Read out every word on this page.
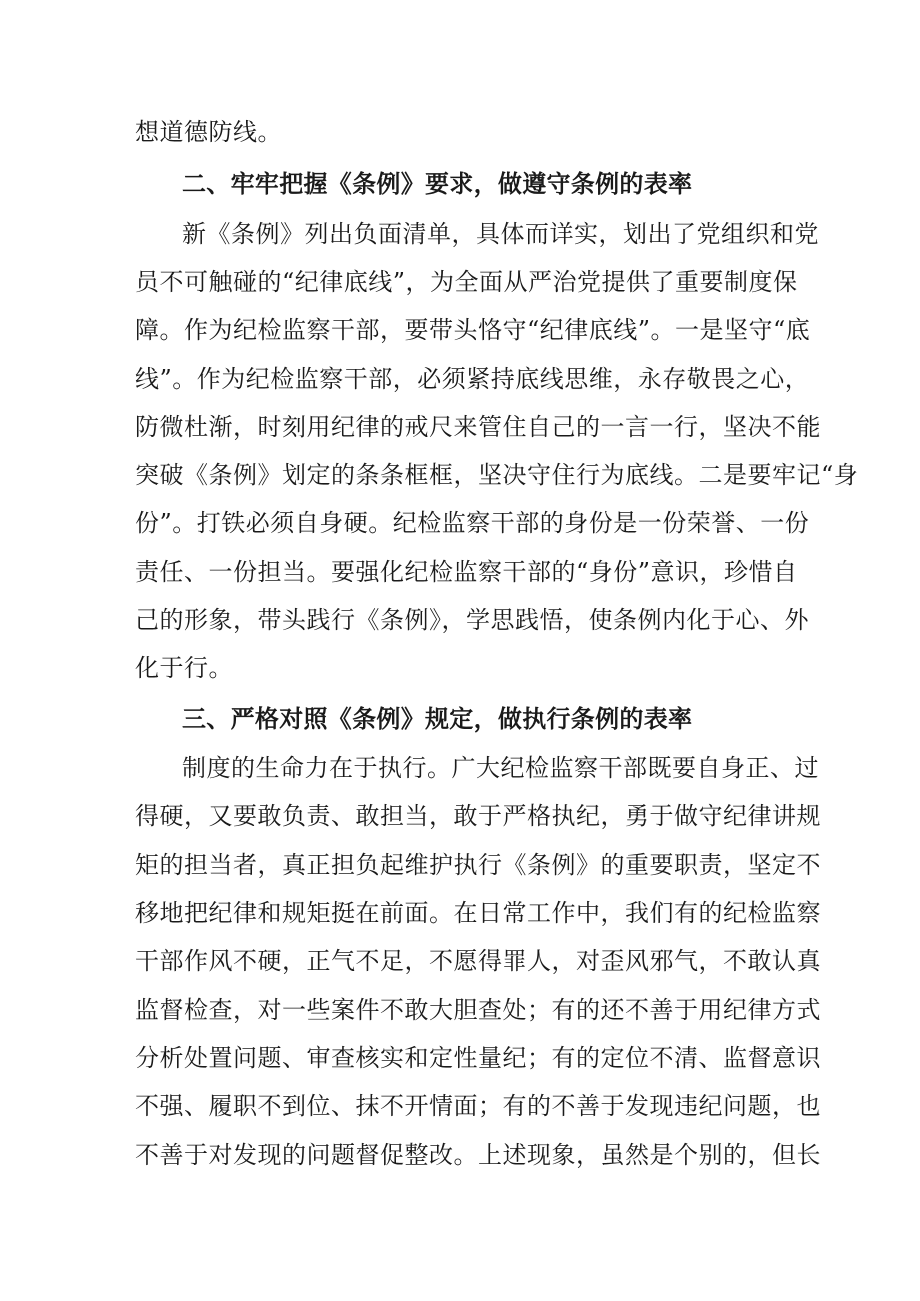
想道德防线。
二、牢牢把握《条例》要求，做遵守条例的表率
新《条例》列出负面清单，具体而详实，划出了党组织和党
员不可触碰的“纪律底线”，为全面从严治党提供了重要制度保
障。作为纪检监察干部，要带头恪守“纪律底线”。一是坚守“底
线”。作为纪检监察干部，必须紧持底线思维，永存敬畏之心，
防微杜渐，时刻用纪律的戒尺来管住自己的一言一行，坚决不能
突破《条例》划定的条条框框，坚决守住行为底线。二是要牢记“身
份”。打铁必须自身硬。纪检监察干部的身份是一份荣誉、一份
责任、一份担当。要强化纪检监察干部的“身份”意识，珍惜自
己的形象，带头践行《条例》，学思践悟，使条例内化于心、外
化于行。
三、严格对照《条例》规定，做执行条例的表率
制度的生命力在于执行。广大纪检监察干部既要自身正、过
得硬，又要敢负责、敢担当，敢于严格执纪，勇于做守纪律讲规
矩的担当者，真正担负起维护执行《条例》的重要职责，坚定不
移地把纪律和规矩挺在前面。在日常工作中，我们有的纪检监察
干部作风不硬，正气不足，不愿得罪人，对歪风邪气，不敢认真
监督检查，对一些案件不敢大胆查处；有的还不善于用纪律方式
分析处置问题、审查核实和定性量纪；有的定位不清、监督意识
不强、履职不到位、抹不开情面；有的不善于发现违纪问题，也
不善于对发现的问题督促整改。上述现象，虽然是个别的，但长
